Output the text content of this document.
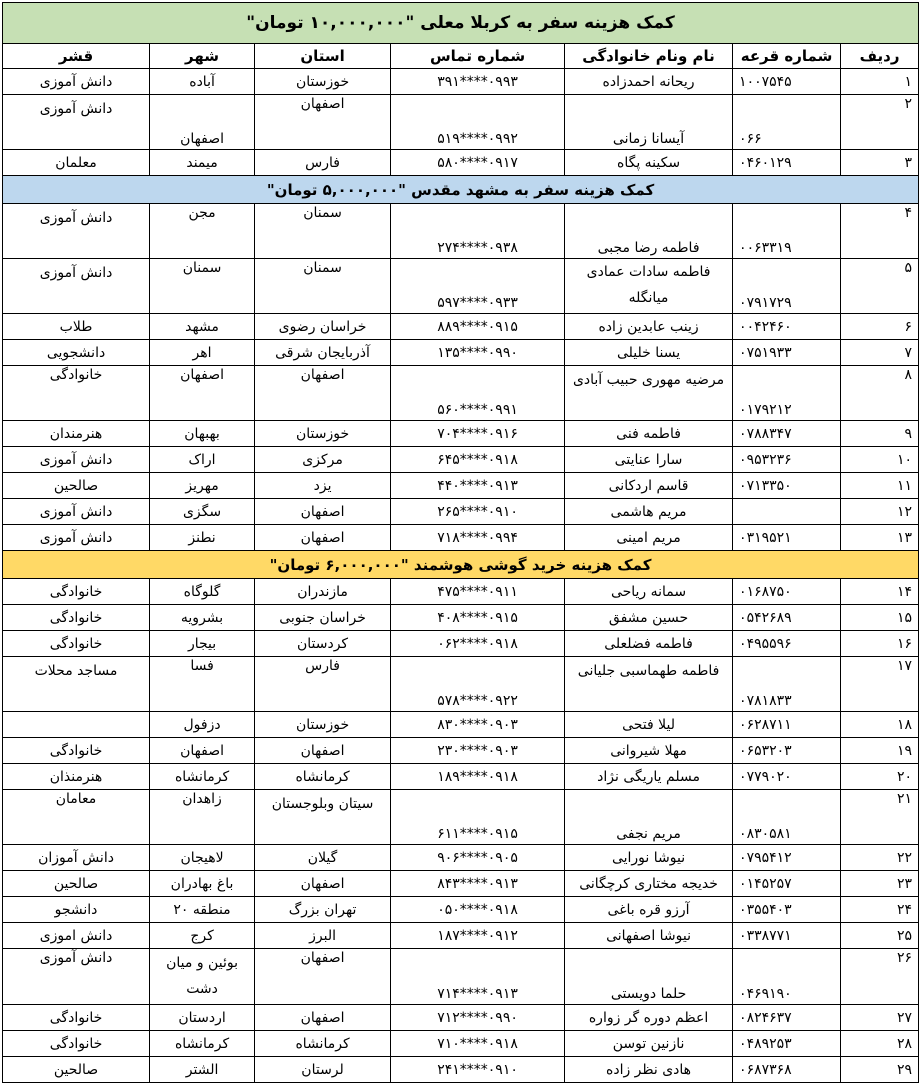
کمک هزینه سفر به کربلا معلی "۱۰,۰۰۰,۰۰۰ تومان"						
ردیف	شماره قرعه	نام ونام خانوادگی	شماره تماس	استان	شهر	قشر
۱	۱۰۰۷۵۴۵	ریحانه احمدزاده	۰۹۹۳****۳۹۱	خوزستان	آباده	دانش آموزی
۲	۰۶۶	آیسانا زمانی	۰۹۹۲****۵۱۹	اصفهان	اصفهان	دانش آموزی
۳	۰۴۶۰۱۲۹	سکینه پگاه	۰۹۱۷****۵۸۰	فارس	میمند	معلمان
کمک هزینه سفر به مشهد مقدس "۵,۰۰۰,۰۰۰ تومان"						
۴	۰۰۶۳۳۱۹	فاطمه رضا مجبی	۰۹۳۸****۲۷۴	سمنان	مجن	دانش آموزی
۵	۰۷۹۱۷۲۹	فاطمه سادات عمادی میانگله	۰۹۳۳****۵۹۷	سمنان	سمنان	دانش آموزی
۶	۰۰۴۲۴۶۰	زینب عابدین زاده	۰۹۱۵****۸۸۹	خراسان رضوی	مشهد	طلاب
۷	۰۷۵۱۹۳۳	یسنا خلیلی	۰۹۹۰****۱۳۵	آذربایجان شرقی	اهر	دانشجویی
۸	۰۱۷۹۲۱۲	مرضیه مهوری حبیب آبادی	۰۹۹۱****۵۶۰	اصفهان	اصفهان	خانوادگی
۹	۰۷۸۸۳۴۷	فاطمه فنی	۰۹۱۶****۷۰۴	خوزستان	بهبهان	هنرمندان
۱۰	۰۹۵۳۲۳۶	سارا عنایتی	۰۹۱۸****۶۴۵	مرکزی	اراک	دانش آموزی
۱۱	۰۷۱۳۳۵۰	قاسم اردکانی	۰۹۱۳****۴۴۰	یزد	مهریز	صالحین
۱۲		مریم هاشمی	۰۹۱۰****۲۶۵	اصفهان	سگزی	دانش آموزی
۱۳	۰۳۱۹۵۲۱	مریم امینی	۰۹۹۴****۷۱۸	اصفهان	نطنز	دانش آموزی
کمک هزینه خرید گوشی هوشمند "۶,۰۰۰,۰۰۰ تومان"						
۱۴	۰۱۶۸۷۵۰	سمانه ریاحی	۰۹۱۱****۴۷۵	مازندران	گلوگاه	خانوادگی
۱۵	۰۵۴۲۶۸۹	حسین مشفق	۰۹۱۵****۴۰۸	خراسان جنوبی	بشرویه	خانوادگی
۱۶	۰۴۹۵۵۹۶	فاطمه فضلعلی	۰۹۱۸****۰۶۲	کردستان	بیجار	خانوادگی
۱۷	۰۷۸۱۸۳۳	فاطمه طهماسبی جلیانی	۰۹۲۲****۵۷۸	فارس	فسا	مساجد محلات
۱۸	۰۶۲۸۷۱۱	لیلا فتحی	۰۹۰۳****۸۳۰	خوزستان	دزفول	
۱۹	۰۶۵۳۲۰۳	مهلا شیروانی	۰۹۰۳****۲۳۰	اصفهان	اصفهان	خانوادگی
۲۰	۰۷۷۹۰۲۰	مسلم یاریگی نژاد	۰۹۱۸****۱۸۹	کرمانشاه	کرمانشاه	هنرمنذان
۲۱	۰۸۳۰۵۸۱	مریم نجفی	۰۹۱۵****۶۱۱	سیتان وبلوجستان	زاهدان	معامان
۲۲	۰۷۹۵۴۱۲	نیوشا نورایی	۰۹۰۵****۹۰۶	گیلان	لاهیجان	دانش آموزان
۲۳	۰۱۴۵۲۵۷	خدیجه مختاری کرچگانی	۰۹۱۳****۸۴۳	اصفهان	باغ بهادران	صالحین
۲۴	۰۳۵۵۴۰۳	آرزو قره باغی	۰۹۱۸****۰۵۰	تهران بزرگ	منطقه ۲۰	دانشجو
۲۵	۰۳۳۸۷۷۱	نیوشا اصفهانی	۰۹۱۲****۱۸۷	البرز	کرج	دانش اموزی
۲۶	۰۴۶۹۱۹۰	حلما دویستی	۰۹۱۳****۷۱۴	اصفهان	بوئین و میان دشت	دانش آموزی
۲۷	۰۸۲۴۶۳۷	اعظم دوره گر زواره	۰۹۹۰****۷۱۲	اصفهان	اردستان	خانوادگی
۲۸	۰۴۸۹۲۵۳	نازنین توسن	۰۹۱۸****۷۱۰	کرمانشاه	کرمانشاه	خانوادگی
۲۹	۰۶۸۷۳۶۸	هادی نظر زاده	۰۹۱۰****۲۴۱	لرستان	الشتر	صالحین
